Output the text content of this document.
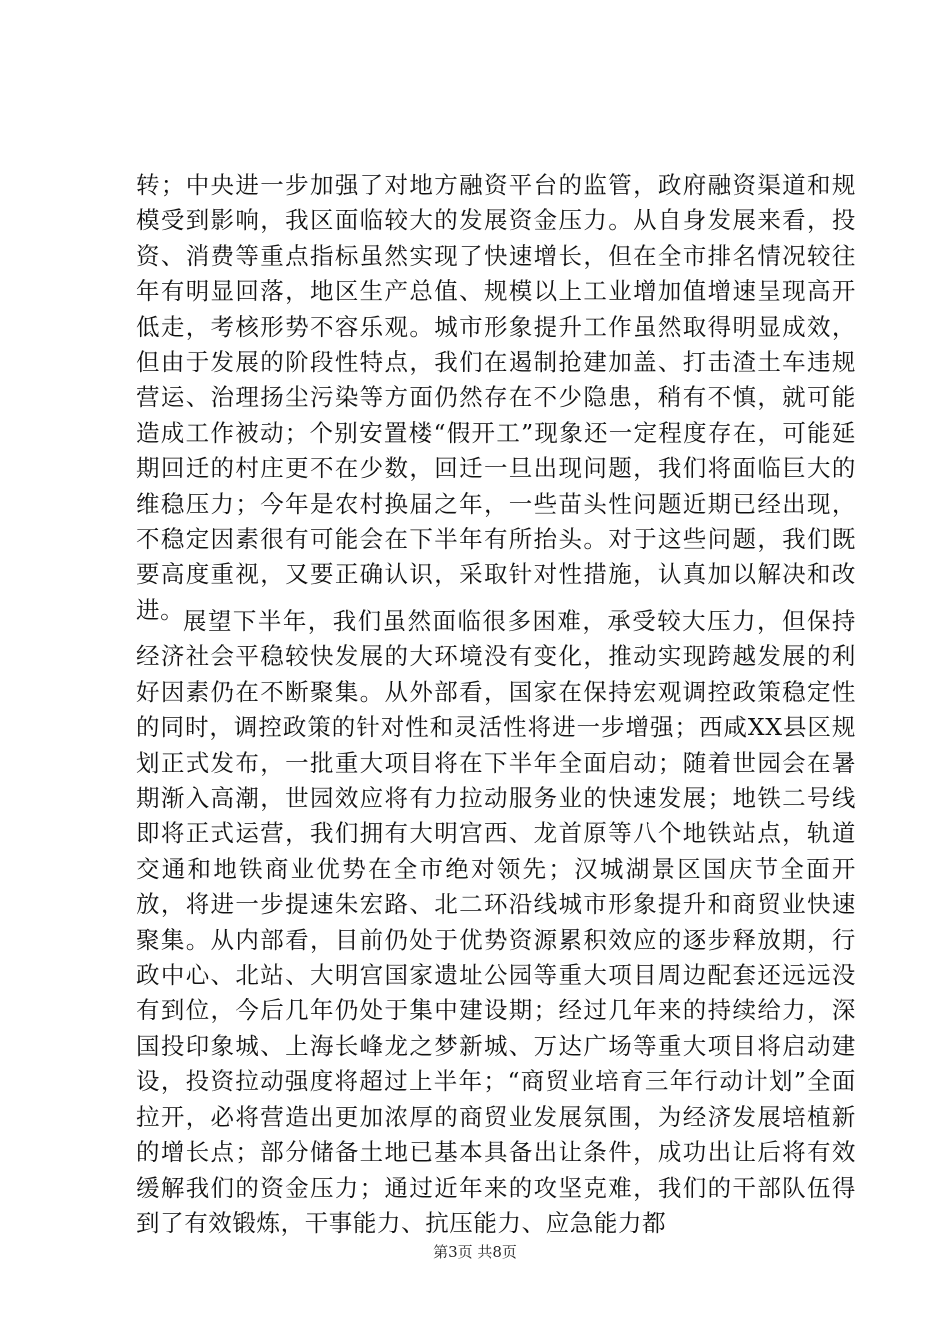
转；中央进一步加强了对地方融资平台的监管，政府融资渠道和规模受到影响，我区面临较大的发展资金压力。从自身发展来看，投资、消费等重点指标虽然实现了快速增长，但在全市排名情况较往年有明显回落，地区生产总值、规模以上工业增加值增速呈现高开低走，考核形势不容乐观。城市形象提升工作虽然取得明显成效，但由于发展的阶段性特点，我们在遏制抢建加盖、打击渣土车违规营运、治理扬尘污染等方面仍然存在不少隐患，稍有不慎，就可能造成工作被动；个别安置楼“假开工”现象还一定程度存在，可能延期回迁的村庄更不在少数，回迁一旦出现问题，我们将面临巨大的维稳压力；今年是农村换届之年，一些苗头性问题近期已经出现，不稳定因素很有可能会在下半年有所抬头。对于这些问题，我们既要高度重视，又要正确认识，采取针对性措施，认真加以解决和改进。

展望下半年，我们虽然面临很多困难，承受较大压力，但保持经济社会平稳较快发展的大环境没有变化，推动实现跨越发展的利好因素仍在不断聚集。从外部看，国家在保持宏观调控政策稳定性的同时，调控政策的针对性和灵活性将进一步增强；西咸XX县区规划正式发布，一批重大项目将在下半年全面启动；随着世园会在暑期渐入高潮，世园效应将有力拉动服务业的快速发展；地铁二号线即将正式运营，我们拥有大明宫西、龙首原等八个地铁站点，轨道交通和地铁商业优势在全市绝对领先；汉城湖景区国庆节全面开放，将进一步提速朱宏路、北二环沿线城市形象提升和商贸业快速聚集。从内部看，目前仍处于优势资源累积效应的逐步释放期，行政中心、北站、大明宫国家遗址公园等重大项目周边配套还远远没有到位，今后几年仍处于集中建设期；经过几年来的持续给力，深国投印象城、上海长峰龙之梦新城、万达广场等重大项目将启动建设，投资拉动强度将超过上半年；“商贸业培育三年行动计划”全面拉开，必将营造出更加浓厚的商贸业发展氛围，为经济发展培植新的增长点；部分储备土地已基本具备出让条件，成功出让后将有效缓解我们的资金压力；通过近年来的攻坚克难，我们的干部队伍得到了有效锻炼，干事能力、抗压能力、应急能力都

第3页 共8页
